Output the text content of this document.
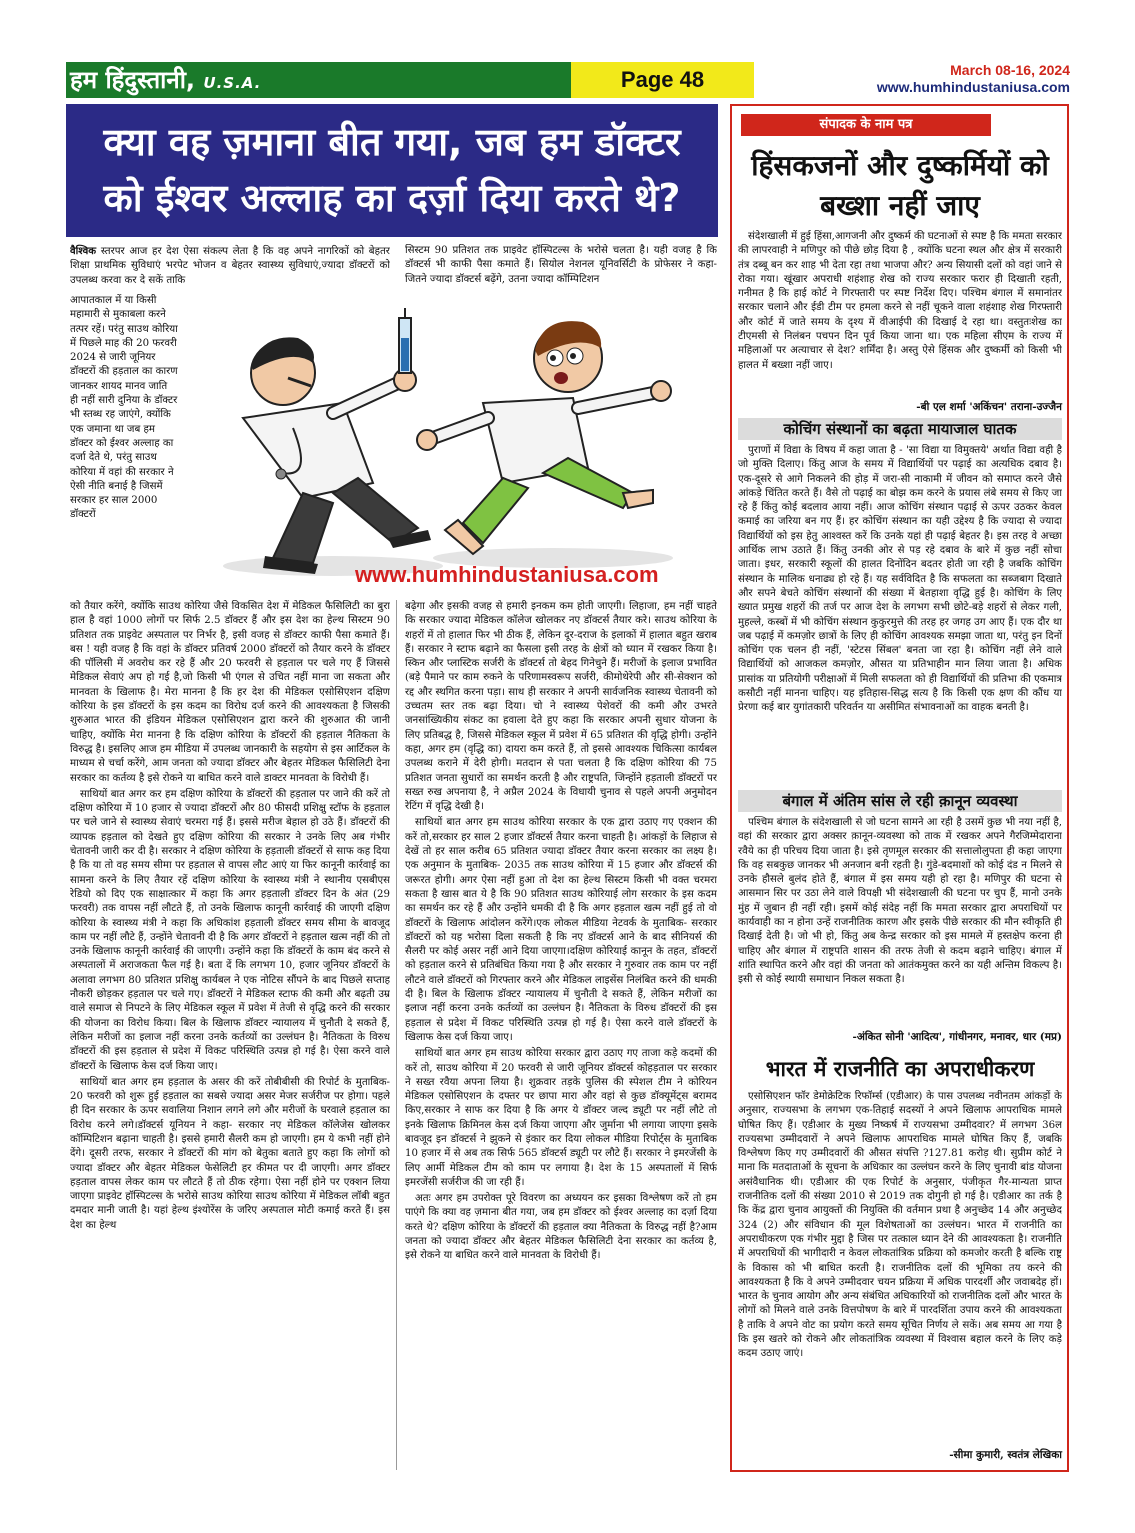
हम हिंदुस्तानी, U.S.A.	Page 48	March 08-16, 2024
www.humhindustaniusa.com
क्या वह ज़माना बीत गया, जब हम डॉक्टर
को ईश्वर अल्लाह का दर्ज़ा दिया करते थे?

वैश्विक स्तरपर आज हर देश ऐसा संकल्प लेता है कि वह अपने नागरिकों को बेहतर शिक्षा प्राथमिक सुविधाएं भरपेट भोजन व बेहतर स्वास्थ्य सुविधाएं,ज्यादा डॉक्टरों को उपलब्ध करवा कर दे सकें ताकि

सिस्टम 90 प्रतिशत तक प्राइवेट हॉस्पिटल्स के भरोसे चलता है। यही वजह है कि डॉक्टर्स भी काफी पैसा कमाते हैं। सियोल नेशनल यूनिवर्सिटी के प्रोफेसर ने कहा- जितने ज्यादा डॉक्टर्स बढ़ेंगे, उतना ज्यादा कॉम्पिटिशन

आपातकाल में या किसी महामारी से मुकाबला करने तत्पर रहें। परंतु साउथ कोरिया में पिछले माह की 20 फरवरी 2024 से जारी जूनियर डॉक्टरों की हड़ताल का कारण जानकर शायद मानव जाति ही नहीं सारी दुनिया के डॉक्टर भी स्तब्ध रह जाएंगे, क्योंकि एक जमाना था जब हम डॉक्टर को ईश्वर अल्लाह का दर्जा देते थे, परंतु साउथ कोरिया में वहां की सरकार ने ऐसी नीति बनाई है जिसमें सरकार हर साल 2000 डॉक्टरों

www.humhindustaniusa.com

को तैयार करेंगे, क्योंकि साउथ कोरिया जैसे विकसित देश में मेडिकल फैसिलिटी का बुरा हाल है वहां 1000 लोगों पर सिर्फ 2.5 डॉक्टर हैं और इस देश का हेल्थ सिस्टम 90 प्रतिशत तक प्राइवेट अस्पताल पर निर्भर है, इसी वजह से डॉक्टर काफी पैसा कमाते हैं। बस ! यही वजह है कि वहां के डॉक्टर प्रतिवर्ष 2000 डॉक्टरों को तैयार करने के डॉक्टर की पॉलिसी में अवरोध कर रहे हैं और 20 फरवरी से हड़ताल पर चले गए हैं जिससे मेडिकल सेवाएं अप हो गई है,जो किसी भी एंगल से उचित नहीं माना जा सकता और मानवता के खिलाफ है। मेरा मानना है कि हर देश की मेडिकल एसोसिएशन दक्षिण कोरिया के इस डॉक्टरों के इस कदम का विरोध दर्ज करने की आवश्यकता है जिसकी शुरुआत भारत की इंडियन मेडिकल एसोसिएशन द्वारा करने की शुरुआत की जानी चाहिए, क्योंकि मेरा मानना है कि दक्षिण कोरिया के डॉक्टरों की हड़ताल नैतिकता के विरुद्ध है। इसलिए आज हम मीडिया में उपलब्ध जानकारी के सहयोग से इस आर्टिकल के माध्यम से चर्चा करेंगे, आम जनता को ज्यादा डॉक्टर और बेहतर मेडिकल फैसिलिटी देना सरकार का कर्तव्य है इसे रोकने या बाधित करने वाले डाक्टर मानवता के विरोधी हैं।

साथियों बात अगर कर हम दक्षिण कोरिया के डॉक्टरों की हड़ताल पर जाने की करें तो दक्षिण कोरिया में 10 हजार से ज्यादा डॉक्टरों और 80 फीसदी प्रशिक्षु स्टॉफ के हड़ताल पर चले जाने से स्वास्थ्य सेवाएं चरमरा गई हैं। इससे मरीज बेहाल हो उठे हैं। डॉक्टरों की व्यापक हड़ताल को देखते हुए दक्षिण कोरिया की सरकार ने उनके लिए अब गंभीर चेतावनी जारी कर दी है। सरकार ने दक्षिण कोरिया के हड़ताली डॉक्टरों से साफ कह दिया है कि या तो वह समय सीमा पर हड़ताल से वापस लौट आएं या फिर कानूनी कार्रवाई का सामना करने के लिए तैयार रहें दक्षिण कोरिया के स्वास्थ्य मंत्री ने स्थानीय एसबीएस रेडियो को दिए एक साक्षात्कार में कहा कि अगर हड़ताली डॉक्टर दिन के अंत (29 फरवरी) तक वापस नहीं लौटते हैं, तो उनके खिलाफ कानूनी कार्रवाई की जाएगी दक्षिण कोरिया के स्वास्थ्य मंत्री ने कहा कि अधिकांश हड़ताली डॉक्टर समय सीमा के बावजूद काम पर नहीं लौटे हैं, उन्होंने चेतावनी दी है कि अगर डॉक्टरों ने हड़ताल खत्म नहीं की तो उनके खिलाफ कानूनी कार्रवाई की जाएगी। उन्होंने कहा कि डॉक्टरों के काम बंद करने से अस्पतालों में अराजकता फैल गई है। बता दें कि लगभग 10, हजार जूनियर डॉक्टरों के अलावा लगभग 80 प्रतिशत प्रशिक्षु कार्यबल ने एक नोटिस सौंपने के बाद पिछले सप्ताह नौकरी छोड़कर हड़ताल पर चले गए। डॉक्टरों ने मेडिकल स्टाफ की कमी और बढ़ती उम्र वाले समाज से निपटने के लिए मेडिकल स्कूल में प्रवेश में तेजी से वृद्धि करने की सरकार की योजना का विरोध किया। बिल के खिलाफ डॉक्टर न्यायालय में चुनौती दे सकते हैं, लेकिन मरीजों का इलाज नहीं करना उनके कर्तव्यों का उल्लंघन है। नैतिकता के विरुध डॉक्टरों की इस हड़ताल से प्रदेश में विकट परिस्थिति उत्पन्न हो गई है। ऐसा करने वाले डॉक्टरों के खिलाफ केस दर्ज किया जाए।

साथियों बात अगर हम हड़ताल के असर की करें तोबीबीसी की रिपोर्ट के मुताबिक- 20 फरवरी को शुरू हुई हड़ताल का सबसे ज्यादा असर मेजर सर्जरीज पर होगा। पहले ही दिन सरकार के ऊपर सवालिया निशान लगने लगे और मरीजों के घरवाले हड़ताल का विरोध करने लगे।डॉक्टर्स यूनियन ने कहा- सरकार नए मेडिकल कॉलेजेस खोलकर कॉम्पिटिशन बढ़ाना चाहती है। इससे हमारी सैलरी कम हो जाएगी। हम ये कभी नहीं होने देंगे। दूसरी तरफ, सरकार ने डॉक्टरों की मांग को बेतुका बताते हुए कहा कि लोगों को ज्यादा डॉक्टर और बेहतर मेडिकल फेसेलिटी हर कीमत पर दी जाएगी। अगर डॉक्टर हड़ताल वापस लेकर काम पर लौटते हैं तो ठीक रहेगा। ऐसा नहीं होने पर एक्शन लिया जाएगा प्राइवेट हॉस्पिटल्स के भरोसे साउथ कोरिया साउथ कोरिया में मेडिकल लॉबी बहुत दमदार मानी जाती है। यहां हेल्थ इंश्योरेंस के जरिए अस्पताल मोटी कमाई करते हैं। इस देश का हेल्थ

बढ़ेगा और इसकी वजह से हमारी इनकम कम होती जाएगी। लिहाजा, हम नहीं चाहते कि सरकार ज्यादा मेडिकल कॉलेज खोलकर नए डॉक्टर्स तैयार करे। साउथ कोरिया के शहरों में तो हालात फिर भी ठीक हैं, लेकिन दूर-दराज के इलाकों में हालात बहुत खराब हैं। सरकार ने स्टाफ बढ़ाने का फैसला इसी तरह के क्षेत्रों को ध्यान में रखकर किया है। स्किन और प्लास्टिक सर्जरी के डॉक्टर्स तो बेहद गिनेचुने हैं। मरीजों के इलाज प्रभावित (बड़े पैमाने पर काम रुकने के परिणामस्वरूप सर्जरी, कीमोथेरेपी और सी-सेक्शन को रद्द और स्थगित करना पड़ा। साथ ही सरकार ने अपनी सार्वजनिक स्वास्थ्य चेतावनी को उच्चतम स्तर तक बढ़ा दिया। चो ने स्वास्थ्य पेशेवरों की कमी और उभरते जनसांख्यिकीय संकट का हवाला देते हुए कहा कि सरकार अपनी सुधार योजना के लिए प्रतिबद्ध है, जिससे मेडिकल स्कूल में प्रवेश में 65 प्रतिशत की वृद्धि होगी। उन्होंने कहा, अगर हम (वृद्धि का) दायरा कम करते हैं, तो इससे आवश्यक चिकित्सा कार्यबल उपलब्ध कराने में देरी होगी। मतदान से पता चलता है कि दक्षिण कोरिया की 75 प्रतिशत जनता सुधारों का समर्थन करती है और राष्ट्रपति, जिन्होंने हड़ताली डॉक्टरों पर सख्त रुख अपनाया है, ने अप्रैल 2024 के विधायी चुनाव से पहले अपनी अनुमोदन रेटिंग में वृद्धि देखी है।

साथियों बात अगर हम साउथ कोरिया सरकार के एक द्वारा उठाए गए एक्शन की करें तो,सरकार हर साल 2 हजार डॉक्टर्स तैयार करना चाहती है। आंकड़ों के लिहाज से देखें तो हर साल करीब 65 प्रतिशत ज्यादा डॉक्टर तैयार करना सरकार का लक्ष्य है। एक अनुमान के मुताबिक- 2035 तक साउथ कोरिया में 15 हजार और डॉक्टर्स की जरूरत होगी। अगर ऐसा नहीं हुआ तो देश का हेल्थ सिस्टम किसी भी वक्त चरमरा सकता है खास बात ये है कि 90 प्रतिशत साउथ कोरियाई लोग सरकार के इस कदम का समर्थन कर रहे हैं और उन्होंने धमकी दी है कि अगर हड़ताल खत्म नहीं हुई तो वो डॉक्टरों के खिलाफ आंदोलन करेंगे।एक लोकल मीडिया नेटवर्क के मुताबिक- सरकार डॉक्टरों को यह भरोसा दिला सकती है कि नए डॉक्टर्स आने के बाद सीनियर्स की सैलरी पर कोई असर नहीं आने दिया जाएगा।दक्षिण कोरियाई कानून के तहत, डॉक्टरों को हड़ताल करने से प्रतिबंधित किया गया है और सरकार ने गुरुवार तक काम पर नहीं लौटने वाले डॉक्टरों को गिरफ्तार करने और मेडिकल लाइसेंस निलंबित करने की धमकी दी है। बिल के खिलाफ डॉक्टर न्यायालय में चुनौती दे सकते हैं, लेकिन मरीजों का इलाज नहीं करना उनके कर्तव्यों का उल्लंघन है। नैतिकता के विरुध डॉक्टरों की इस हड़ताल से प्रदेश में विकट परिस्थिति उत्पन्न हो गई है। ऐसा करने वाले डॉक्टरों के खिलाफ केस दर्ज किया जाए।

साथियों बात अगर हम साउथ कोरिया सरकार द्वारा उठाए गए ताजा कड़े कदमों की करें तो, साउथ कोरिया में 20 फरवरी से जारी जूनियर डॉक्टर्स कोहड़ताल पर सरकार ने सख्त रवैया अपना लिया है। शुक्रवार तड़के पुलिस की स्पेशल टीम ने कोरियन मेडिकल एसोसिएशन के दफ्तर पर छापा मारा और वहां से कुछ डॉक्यूमेंट्स बरामद किए,सरकार ने साफ कर दिया है कि अगर ये डॉक्टर जल्द ड्यूटी पर नहीं लौटे तो इनके खिलाफ क्रिमिनल केस दर्ज किया जाएगा और जुर्माना भी लगाया जाएगा इसके बावजूद इन डॉक्टर्स ने झुकने से इंकार कर दिया लोकल मीडिया रिपोर्ट्स के मुताबिक 10 हजार में से अब तक सिर्फ 565 डॉक्टर्स ड्यूटी पर लौटे हैं। सरकार ने इमरजेंसी के लिए आर्मी मेडिकल टीम को काम पर लगाया है। देश के 15 अस्पतालों में सिर्फ इमरजेंसी सर्जरीज की जा रही हैं।

अतः अगर हम उपरोक्त पूरे विवरण का अध्ययन कर इसका विश्लेषण करें तो हम पाएंगे कि क्या वह ज़माना बीत गया, जब हम डॉक्टर को ईश्वर अल्लाह का दर्ज़ा दिया करते थे? दक्षिण कोरिया के डॉक्टरों की हड़ताल क्या नैतिकता के विरुद्ध नहीं है?आम जनता को ज्यादा डॉक्टर और बेहतर मेडिकल फैसिलिटी देना सरकार का कर्तव्य है, इसे रोकने या बाधित करने वाले मानवता के विरोधी हैं।

संपादक के नाम पत्र
हिंसकजनों और दुष्कर्मियों को बख्शा नहीं जाए

संदेशखाली में हुई हिंसा,आगजनी और दुष्कर्म की घटनाओं से स्पष्ट है कि ममता सरकार की लापरवाही ने मणिपुर को पीछे छोड़ दिया है , क्योंकि घटना स्थल और क्षेत्र में सरकारी तंत्र दब्बू बन कर शाह भी देता रहा तथा भाजपा और? अन्य सियासी दलों को वहां जाने से रोका गया। खूंखार अपराधी शहंशाह शेख को राज्य सरकार फरार ही दिखाती रहती, गनीमत है कि हाई कोर्ट ने गिरफ्तारी पर स्पष्ट निर्देश दिए। पश्चिम बंगाल में समानांतर सरकार चलाने और ईडी टीम पर हमला करने से नहीं चूकने वाला शहंशाह शेख गिरफ्तारी और कोर्ट में जाते समय के दृश्य में वीआईपी की दिखाई दे रहा था। वस्तुतःशेख का टीएमसी से निलंबन पचपन दिन पूर्व किया जाना था। एक महिला सीएम के राज्य में महिलाओं पर अत्याचार से देश? शर्मिंदा है। अस्तु ऐसे हिंसक और दुष्कर्मी को किसी भी हालत में बख्शा नहीं जाए।

-बी एल शर्मा 'अकिंचन' तराना-उज्जैन
कोचिंग संस्थानों का बढ़ता मायाजाल घातक

पुराणों में विद्या के विषय में कहा जाता है - 'सा विद्या या विमुक्तये' अर्थात विद्या वही है जो मुक्ति दिलाए। किंतु आज के समय में विद्यार्थियों पर पढ़ाई का अत्यधिक दबाव है। एक-दूसरे से आगे निकलने की होड़ में जरा-सी नाकामी में जीवन को समाप्त करने जैसे आंकड़े चिंतित करते हैं। वैसे तो पढ़ाई का बोझ कम करने के प्रयास लंबे समय से किए जा रहे हैं किंतु कोई बदलाव आया नहीं। आज कोचिंग संस्थान पढ़ाई से ऊपर उठकर केवल कमाई का जरिया बन गए हैं। हर कोचिंग संस्थान का यही उद्देश्य है कि ज्यादा से ज्यादा विद्यार्थियों को इस हेतु आश्वस्त करें कि उनके यहां ही पढ़ाई बेहतर है। इस तरह वे अच्छा आर्थिक लाभ उठाते हैं। किंतु उनकी ओर से पड़ रहे दबाव के बारे में कुछ नहीं सोचा जाता। इधर, सरकारी स्कूलों की हालत दिनोंदिन बदतर होती जा रही है जबकि कोचिंग संस्थान के मालिक धनाढ्य हो रहे हैं। यह सर्वविदित है कि सफलता का सब्जबाग दिखाते और सपने बेचते कोचिंग संस्थानों की संख्या में बेतहाशा वृद्धि हुई है। कोचिंग के लिए ख्यात प्रमुख शहरों की तर्ज पर आज देश के लगभग सभी छोटे-बड़े शहरों से लेकर गली, मुहल्ले, कस्बों में भी कोचिंग संस्थान कुकुरमुत्ते की तरह हर जगह उग आए हैं। एक दौर था जब पढ़ाई में कमज़ोर छात्रों के लिए ही कोचिंग आवश्यक समझा जाता था, परंतु इन दिनों कोचिंग एक चलन ही नहीं, 'स्टेटस सिंबल' बनता जा रहा है। कोचिंग नहीं लेने वाले विद्यार्थियों को आजकल कमज़ोर, औसत या प्रतिभाहीन मान लिया जाता है। अधिक प्रासांक या प्रतियोगी परीक्षाओं में मिली सफलता को ही विद्यार्थियों की प्रतिभा की एकमात्र कसौटी नहीं मानना चाहिए। यह इतिहास-सिद्ध सत्य है कि किसी एक क्षण की कौंध या प्रेरणा कई बार युगांतकारी परिवर्तन या असीमित संभावनाओं का वाहक बनती है।

बंगाल में अंतिम सांस ले रही क़ानून व्यवस्था

पश्चिम बंगाल के संदेशखाली से जो घटना सामने आ रही है उसमें कुछ भी नया नहीं है, वहां की सरकार द्वारा अक्सर क़ानून-व्यवस्था को ताक में रखकर अपने गैरजिम्मेदाराना रवैये का ही परिचय दिया जाता है। इसे तृणमूल सरकार की सत्तालोलुपता ही कहा जाएगा कि वह सबकुछ जानकर भी अनजान बनी रहती है। गुंडे-बदमाशों को कोई दंड न मिलने से उनके हौसले बुलंद होते हैं, बंगाल में इस समय यही हो रहा है। मणिपुर की घटना से आसमान सिर पर उठा लेने वाले विपक्षी भी संदेशखाली की घटना पर चुप हैं, मानो उनके मुंह में जुबान ही नहीं रही। इसमें कोई संदेह नहीं कि ममता सरकार द्वारा अपराधियों पर कार्यवाही का न होना उन्हें राजनीतिक कारण और इसके पीछे सरकार की मौन स्वीकृति ही दिखाई देती है। जो भी हो, किंतु अब केन्द्र सरकार को इस मामले में हस्तक्षेप करना ही चाहिए और बंगाल में राष्ट्रपति शासन की तरफ तेजी से कदम बढ़ाने चाहिए। बंगाल में शांति स्थापित करने और वहां की जनता को आतंकमुक्त करने का यही अन्तिम विकल्प है। इसी से कोई स्थायी समाधान निकल सकता है।

-अंकित सोनी 'आदित्य', गांधीनगर, मनावर, धार (मप्र)
भारत में राजनीति का अपराधीकरण

एसोसिएशन फॉर डेमोक्रेटिक रिफॉर्म्स (एडीआर) के पास उपलब्ध नवीनतम आंकड़ों के अनुसार, राज्यसभा के लगभग एक-तिहाई सदस्यों ने अपने खिलाफ आपराधिक मामले घोषित किए हैं। एडीआर के मुख्य निष्कर्ष में राज्यसभा उम्मीदवार? में लगभग 36ल राज्यसभा उम्मीदवारों ने अपने खिलाफ आपराधिक मामले घोषित किए हैं, जबकि विश्लेषण किए गए उम्मीदवारों की औसत संपत्ति ?127.81 करोड़ थी। सुप्रीम कोर्ट ने माना कि मतदाताओं के सूचना के अधिकार का उल्लंघन करने के लिए चुनावी बांड योजना असंवैधानिक थी। एडीआर की एक रिपोर्ट के अनुसार, पंजीकृत गैर-मान्यता प्राप्त राजनीतिक दलों की संख्या 2010 से 2019 तक दोगुनी हो गई है। एडीआर का तर्क है कि केंद्र द्वारा चुनाव आयुक्तों की नियुक्ति की वर्तमान प्रथा है अनुच्छेद 14 और अनुच्छेद 324 (2) और संविधान की मूल विशेषताओं का उल्लंघन। भारत में राजनीति का अपराधीकरण एक गंभीर मुद्दा है जिस पर तत्काल ध्यान देने की आवश्यकता है। राजनीति में अपराधियों की भागीदारी न केवल लोकतांत्रिक प्रक्रिया को कमजोर करती है बल्कि राष्ट्र के विकास को भी बाधित करती है। राजनीतिक दलों की भूमिका तय करने की आवश्यकता है कि वे अपने उम्मीदवार चयन प्रक्रिया में अधिक पारदर्शी और जवाबदेह हों। भारत के चुनाव आयोग और अन्य संबंधित अधिकारियों को राजनीतिक दलों और भारत के लोगों को मिलने वाले उनके वित्तपोषण के बारे में पारदर्शिता उपाय करने की आवश्यकता है ताकि वे अपने वोट का प्रयोग करते समय सूचित निर्णय ले सकें। अब समय आ गया है कि इस खतरे को रोकने और लोकतांत्रिक व्यवस्था में विश्वास बहाल करने के लिए कड़े कदम उठाए जाएं।

-सीमा कुमारी, स्वतंत्र लेखिका
